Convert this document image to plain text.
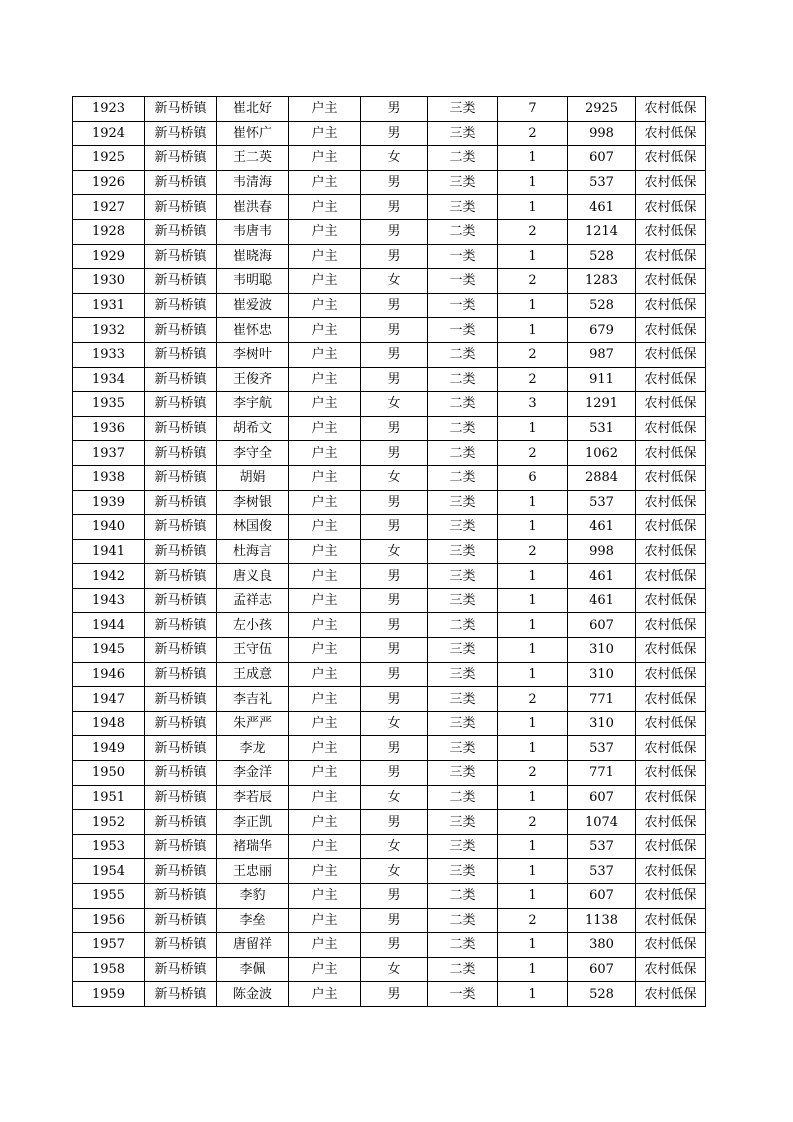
1923	新马桥镇	崔北好	户主	男	三类	7	2925	农村低保
1924	新马桥镇	崔怀广	户主	男	三类	2	998	农村低保
1925	新马桥镇	王二英	户主	女	二类	1	607	农村低保
1926	新马桥镇	韦清海	户主	男	三类	1	537	农村低保
1927	新马桥镇	崔洪春	户主	男	三类	1	461	农村低保
1928	新马桥镇	韦唐韦	户主	男	二类	2	1214	农村低保
1929	新马桥镇	崔晓海	户主	男	一类	1	528	农村低保
1930	新马桥镇	韦明聪	户主	女	一类	2	1283	农村低保
1931	新马桥镇	崔爱波	户主	男	一类	1	528	农村低保
1932	新马桥镇	崔怀忠	户主	男	一类	1	679	农村低保
1933	新马桥镇	李树叶	户主	男	二类	2	987	农村低保
1934	新马桥镇	王俊齐	户主	男	二类	2	911	农村低保
1935	新马桥镇	李宇航	户主	女	二类	3	1291	农村低保
1936	新马桥镇	胡希文	户主	男	二类	1	531	农村低保
1937	新马桥镇	李守全	户主	男	二类	2	1062	农村低保
1938	新马桥镇	胡娟	户主	女	二类	6	2884	农村低保
1939	新马桥镇	李树银	户主	男	三类	1	537	农村低保
1940	新马桥镇	林国俊	户主	男	三类	1	461	农村低保
1941	新马桥镇	杜海言	户主	女	三类	2	998	农村低保
1942	新马桥镇	唐义良	户主	男	三类	1	461	农村低保
1943	新马桥镇	孟祥志	户主	男	三类	1	461	农村低保
1944	新马桥镇	左小孩	户主	男	二类	1	607	农村低保
1945	新马桥镇	王守伍	户主	男	三类	1	310	农村低保
1946	新马桥镇	王成意	户主	男	三类	1	310	农村低保
1947	新马桥镇	李吉礼	户主	男	三类	2	771	农村低保
1948	新马桥镇	朱严严	户主	女	三类	1	310	农村低保
1949	新马桥镇	李龙	户主	男	三类	1	537	农村低保
1950	新马桥镇	李金洋	户主	男	三类	2	771	农村低保
1951	新马桥镇	李若辰	户主	女	二类	1	607	农村低保
1952	新马桥镇	李正凯	户主	男	三类	2	1074	农村低保
1953	新马桥镇	褚瑞华	户主	女	三类	1	537	农村低保
1954	新马桥镇	王忠丽	户主	女	三类	1	537	农村低保
1955	新马桥镇	李豹	户主	男	二类	1	607	农村低保
1956	新马桥镇	李垒	户主	男	二类	2	1138	农村低保
1957	新马桥镇	唐留祥	户主	男	二类	1	380	农村低保
1958	新马桥镇	李佩	户主	女	二类	1	607	农村低保
1959	新马桥镇	陈金波	户主	男	一类	1	528	农村低保
